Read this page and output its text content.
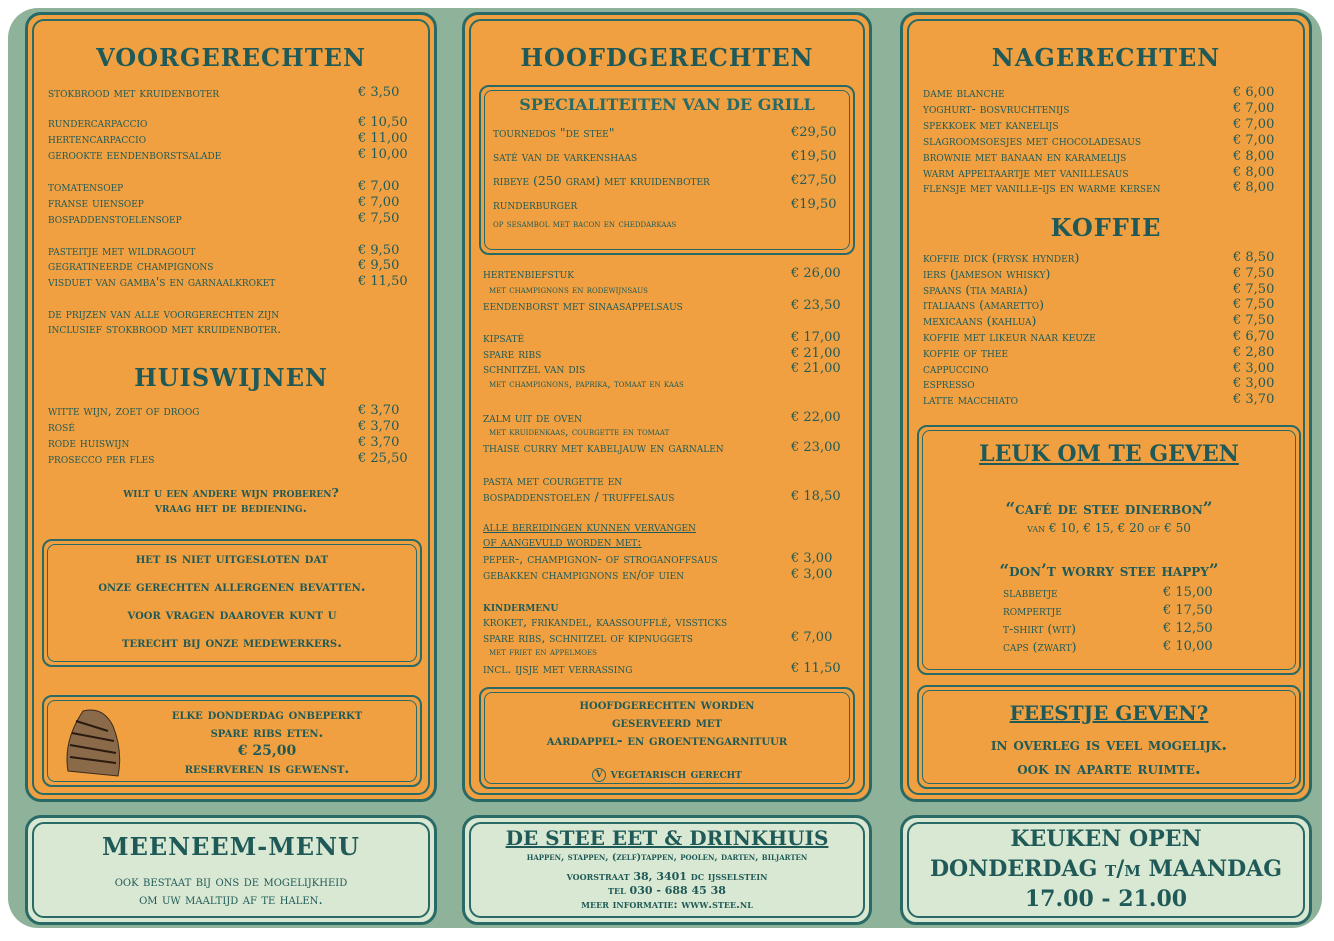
VOORGERECHTEN
stokbrood met kruidenboter	€ 3,50
rundercarpaccio	€ 10,50
hertencarpaccio	€ 11,00
gerookte eendenborstsalade	€ 10,00
tomatensoep	€ 7,00
franse uiensoep	€ 7,00
bospaddenstoelensoep	€ 7,50
pasteitje met wildragout	€ 9,50
gegratineerde champignons	€ 9,50
visduet van gamba's en garnaalkroket	€ 11,50
de prijzen van alle voorgerechten zijn
inclusief stokbrood met kruidenboter.
HUISWIJNEN
witte wijn, zoet of droog	€ 3,70
rosé	€ 3,70
rode huiswijn	€ 3,70
prosecco per fles	€ 25,50
wilt u een andere wijn proberen?
vraag het de bediening.
het is niet uitgesloten dat
onze gerechten allergenen bevatten.
voor vragen daarover kunt u
terecht bij onze medewerkers.
elke donderdag onbeperkt
spare ribs eten.
€ 25,00
reserveren is gewenst.
HOOFDGERECHTEN
SPECIALITEITEN VAN DE GRILL
tournedos "de stee"	€29,50
saté van de varkenshaas	€19,50
ribeye (250 gram) met kruidenboter	€27,50
runderburger	€19,50
op sesambol met bacon en cheddarkaas
hertenbiefstuk	€ 26,00
met champignons en rodewijnsaus
eendenborst met sinaasappelsaus	€ 23,50
kipsaté	€ 17,00
spare ribs	€ 21,00
schnitzel van dis	€ 21,00
met champignons, paprika, tomaat en kaas
zalm uit de oven	€ 22,00
met kruidenkaas, courgette en tomaat
thaise curry met kabeljauw en garnalen	€ 23,00
pasta met courgette en
bospaddenstoelen / truffelsaus	€ 18,50
alle bereidingen kunnen vervangen
of aangevuld worden met:
peper-, champignon- of stroganoffsaus	€ 3,00
gebakken champignons en/of uien	€ 3,00
kindermenu
kroket, frikandel, kaassoufflé, vissticks
spare ribs, schnitzel of kipnuggets	€ 7,00
met friet en appelmoes
incl. ijsje met verrassing	€ 11,50
hoofdgerechten worden
geserveerd met
aardappel- en groentengarnituur
V vegetarisch gerecht
NAGERECHTEN
dame blanche	€ 6,00
yoghurt- bosvruchtenijs	€ 7,00
spekkoek met kaneelijs	€ 7,00
slagroomsoesjes met chocoladesaus	€ 7,00
brownie met banaan en karamelijs	€ 8,00
warm appeltaartje met vanillesaus	€ 8,00
flensje met vanille-ijs en warme kersen	€ 8,00
KOFFIE
koffie dick (frysk hynder)	€ 8,50
iers (jameson whisky)	€ 7,50
spaans (tia maria)	€ 7,50
italiaans (amaretto)	€ 7,50
mexicaans (kahlua)	€ 7,50
koffie met likeur naar keuze	€ 6,70
koffie of thee	€ 2,80
cappuccino	€ 3,00
espresso	€ 3,00
latte macchiato	€ 3,70
LEUK OM TE GEVEN
“café de stee dinerbon”
van € 10, € 15, € 20 of € 50
“don’t worry stee happy”
slabbetje	€ 15,00
rompertje	€ 17,50
t-shirt (wit)	€ 12,50
caps (zwart)	€ 10,00
FEESTJE GEVEN?
in overleg is veel mogelijk.
ook in aparte ruimte.
MEENEEM-MENU
ook bestaat bij ons de mogelijkheid
om uw maaltijd af te halen.
DE STEE EET & DRINKHUIS
happen, stappen, (zelf)tappen, poolen, darten, biljarten
voorstraat 38, 3401 dc ijsselstein
tel 030 - 688 45 38
meer informatie: www.stee.nl
KEUKEN OPEN
DONDERDAG t/m MAANDAG
17.00 - 21.00
